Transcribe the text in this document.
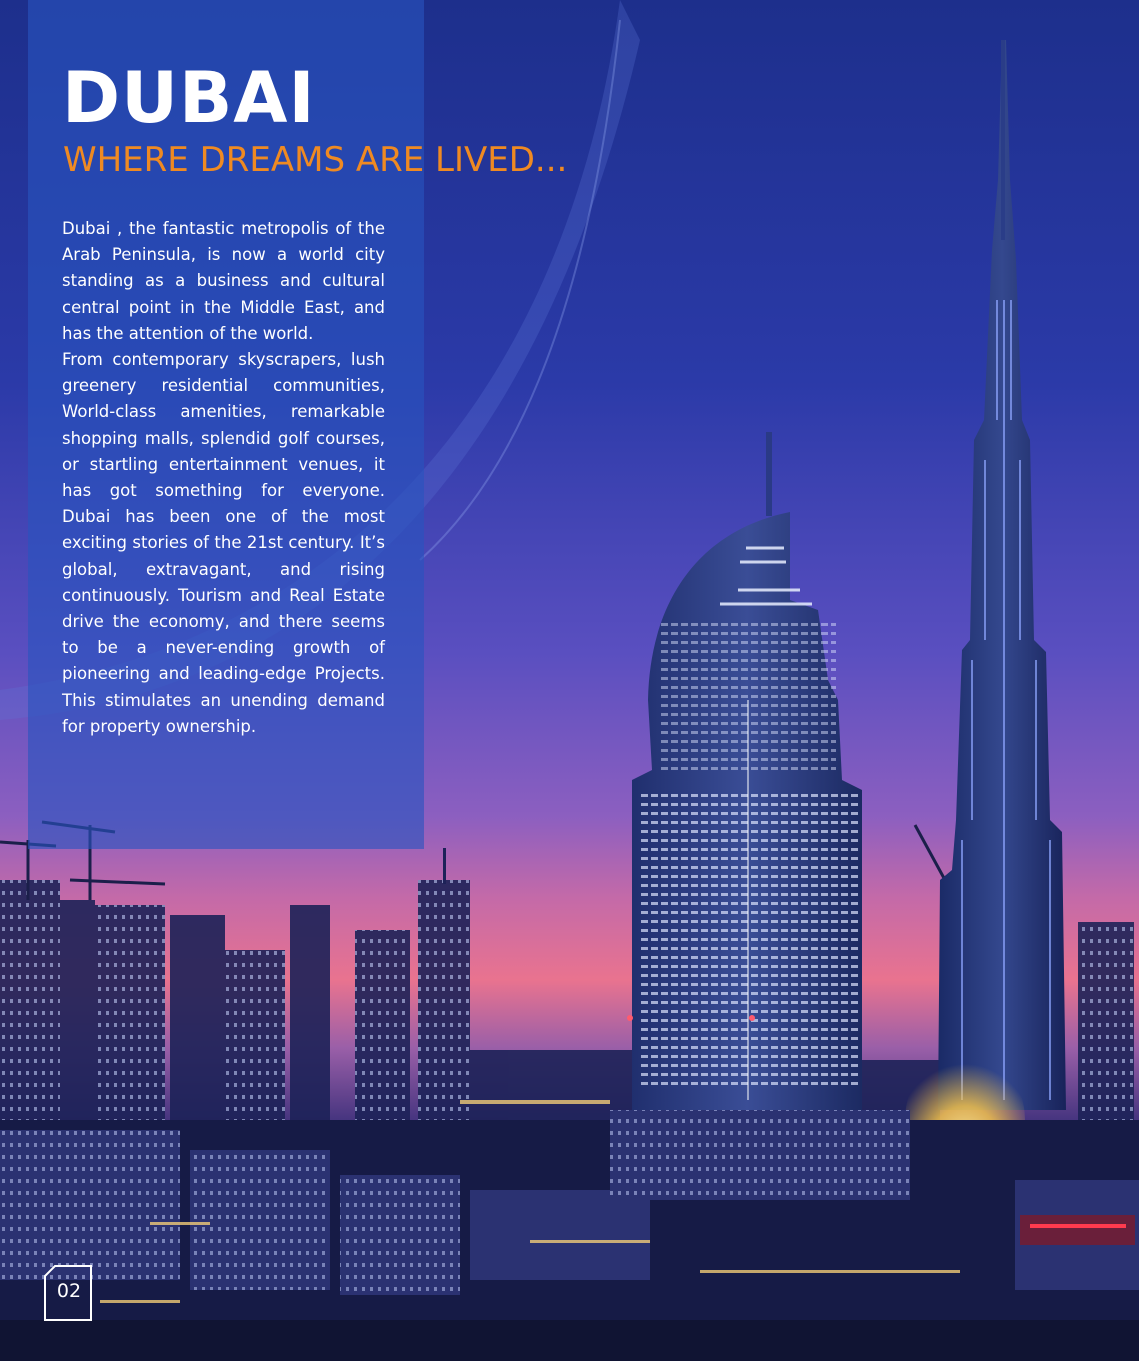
DUBAI
WHERE DREAMS ARE LIVED...

Dubai , the fantastic metropolis of the Arab Peninsula, is now a world city standing as a business and cultural central point in the Middle East, and has the attention of the world.

From contemporary skyscrapers, lush greenery residential communities, World-class amenities, remarkable shopping malls, splendid golf courses, or startling entertainment venues, it has got something for everyone. Dubai has been one of the most exciting stories of the 21st century. It’s global, extravagant, and rising continuously. Tourism and Real Estate drive the economy, and there seems to be a never-ending growth of pioneering and leading-edge Projects. This stimulates an unending demand for property ownership.

02
